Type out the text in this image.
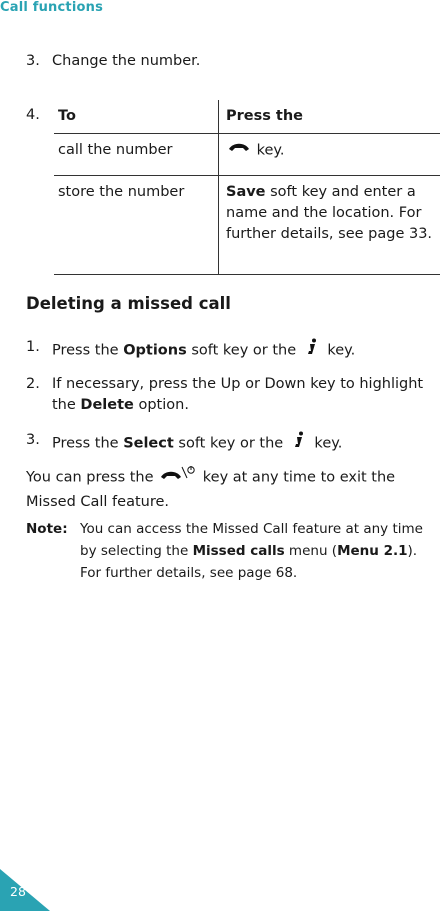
Call functions
3. Change the number.
4. To	Press the
call the number	key.
store the number	Save soft key and enter a name and the location. For further details, see page 33.
Deleting a missed call
1. Press the Options soft key or the  key.
2. If necessary, press the Up or Down key to highlight the Delete option.
3. Press the Select soft key or the  key.
You can press the	key at any time to exit the Missed Call feature.
Note: You can access the Missed Call feature at any time by selecting the Missed calls menu (Menu 2.1). For further details, see page 68.
28
